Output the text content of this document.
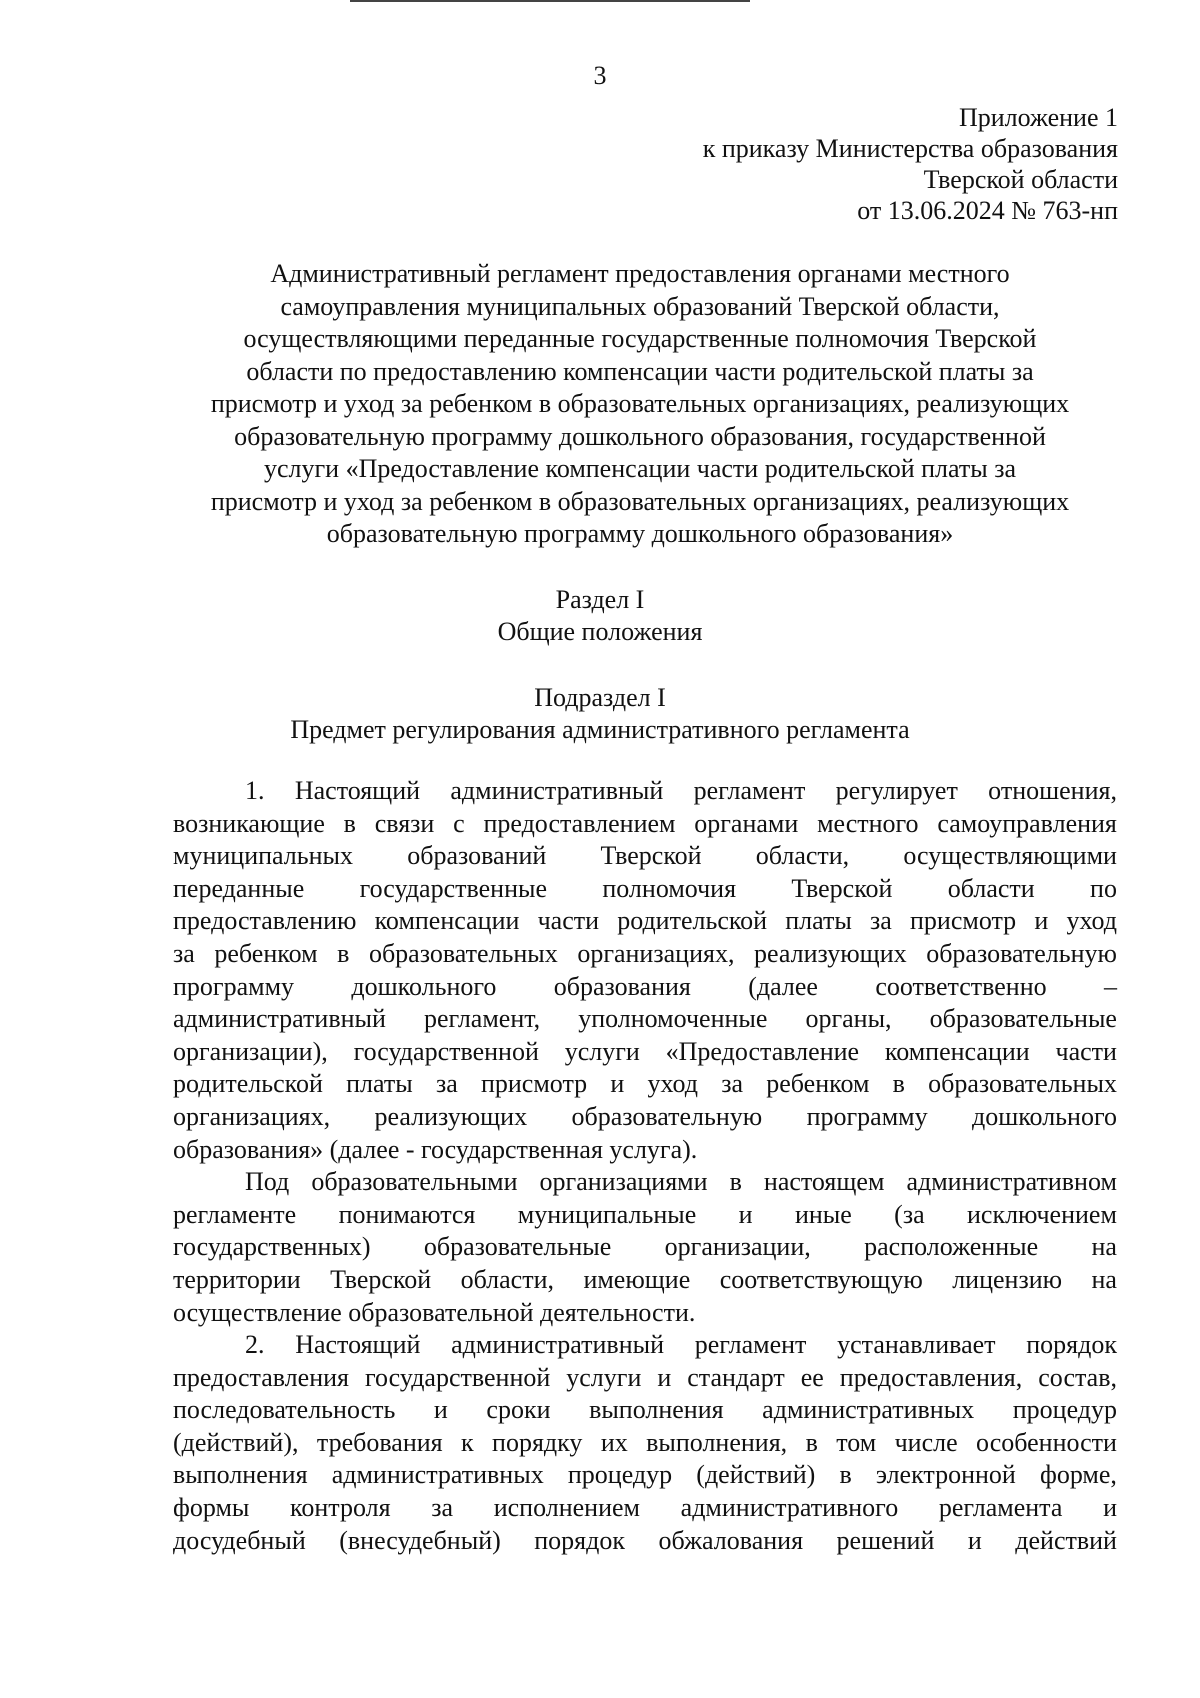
3
Приложение 1
к приказу Министерства образования
Тверской области
от 13.06.2024 № 763-нп
Административный регламент предоставления органами местного
самоуправления муниципальных образований Тверской области,
осуществляющими переданные государственные полномочия Тверской
области по предоставлению компенсации части родительской платы за
присмотр и уход за ребенком в образовательных организациях, реализующих
образовательную программу дошкольного образования, государственной
услуги «Предоставление компенсации части родительской платы за
присмотр и уход за ребенком в образовательных организациях, реализующих
образовательную программу дошкольного образования»
Раздел I
Общие положения
Подраздел I
Предмет регулирования административного регламента
1. Настоящий административный регламент регулирует отношения,
возникающие в связи с предоставлением органами местного самоуправления
муниципальных образований Тверской области, осуществляющими
переданные государственные полномочия Тверской области по
предоставлению компенсации части родительской платы за присмотр и уход
за ребенком в образовательных организациях, реализующих образовательную
программу дошкольного образования (далее соответственно –
административный регламент, уполномоченные органы, образовательные
организации), государственной услуги «Предоставление компенсации части
родительской платы за присмотр и уход за ребенком в образовательных
организациях, реализующих образовательную программу дошкольного
образования» (далее - государственная услуга).
Под образовательными организациями в настоящем административном
регламенте понимаются муниципальные и иные (за исключением
государственных) образовательные организации, расположенные на
территории Тверской области, имеющие соответствующую лицензию на
осуществление образовательной деятельности.
2. Настоящий административный регламент устанавливает порядок
предоставления государственной услуги и стандарт ее предоставления, состав,
последовательность и сроки выполнения административных процедур
(действий), требования к порядку их выполнения, в том числе особенности
выполнения административных процедур (действий) в электронной форме,
формы контроля за исполнением административного регламента и
досудебный (внесудебный) порядок обжалования решений и действий
